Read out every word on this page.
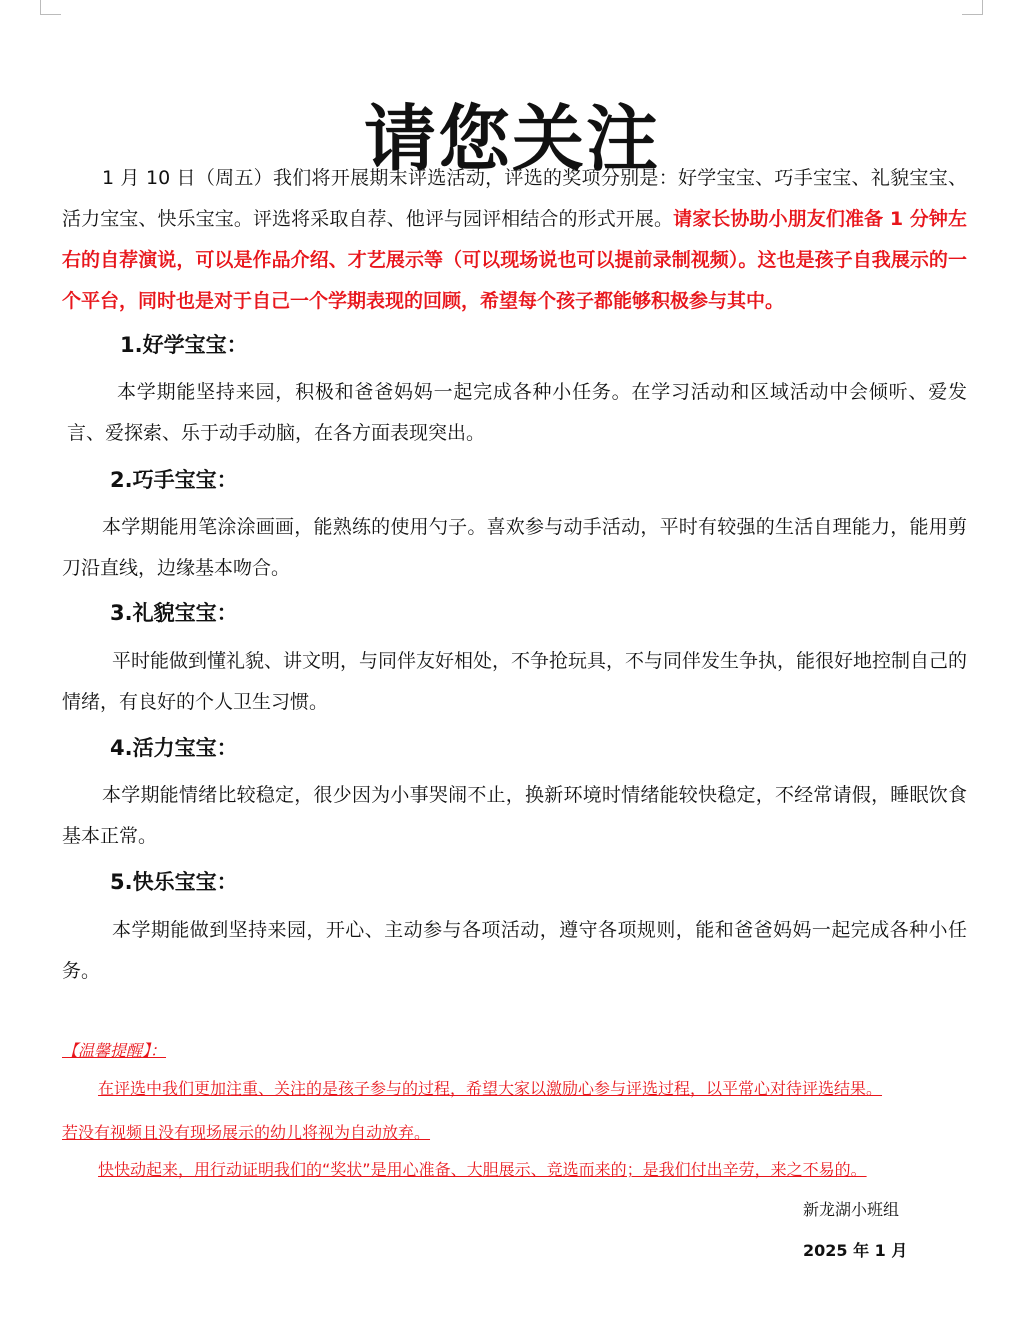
请您关注

1 月 10 日（周五）我们将开展期末评选活动，评选的奖项分别是：好学宝宝、巧手宝宝、礼貌宝宝、活力宝宝、快乐宝宝。评选将采取自荐、他评与园评相结合的形式开展。请家长协助小朋友们准备 1 分钟左右的自荐演说，可以是作品介绍、才艺展示等（可以现场说也可以提前录制视频）。这也是孩子自我展示的一个平台，同时也是对于自己一个学期表现的回顾，希望每个孩子都能够积极参与其中。

1.好学宝宝：

本学期能坚持来园，积极和爸爸妈妈一起完成各种小任务。在学习活动和区域活动中会倾听、爱发言、爱探索、乐于动手动脑，在各方面表现突出。

2.巧手宝宝：

本学期能用笔涂涂画画，能熟练的使用勺子。喜欢参与动手活动，平时有较强的生活自理能力，能用剪刀沿直线，边缘基本吻合。

3.礼貌宝宝：

平时能做到懂礼貌、讲文明，与同伴友好相处，不争抢玩具，不与同伴发生争执，能很好地控制自己的情绪，有良好的个人卫生习惯。

4.活力宝宝：

本学期能情绪比较稳定，很少因为小事哭闹不止，换新环境时情绪能较快稳定，不经常请假，睡眠饮食基本正常。

5.快乐宝宝：

本学期能做到坚持来园，开心、主动参与各项活动，遵守各项规则，能和爸爸妈妈一起完成各种小任务。

【温馨提醒】：

在评选中我们更加注重、关注的是孩子参与的过程，希望大家以激励心参与评选过程，以平常心对待评选结果。

若没有视频且没有现场展示的幼儿将视为自动放弃。

快快动起来，用行动证明我们的“奖状”是用心准备、大胆展示、竞选而来的；是我们付出辛劳，来之不易的。

新龙湖小班组

2025 年 1 月
